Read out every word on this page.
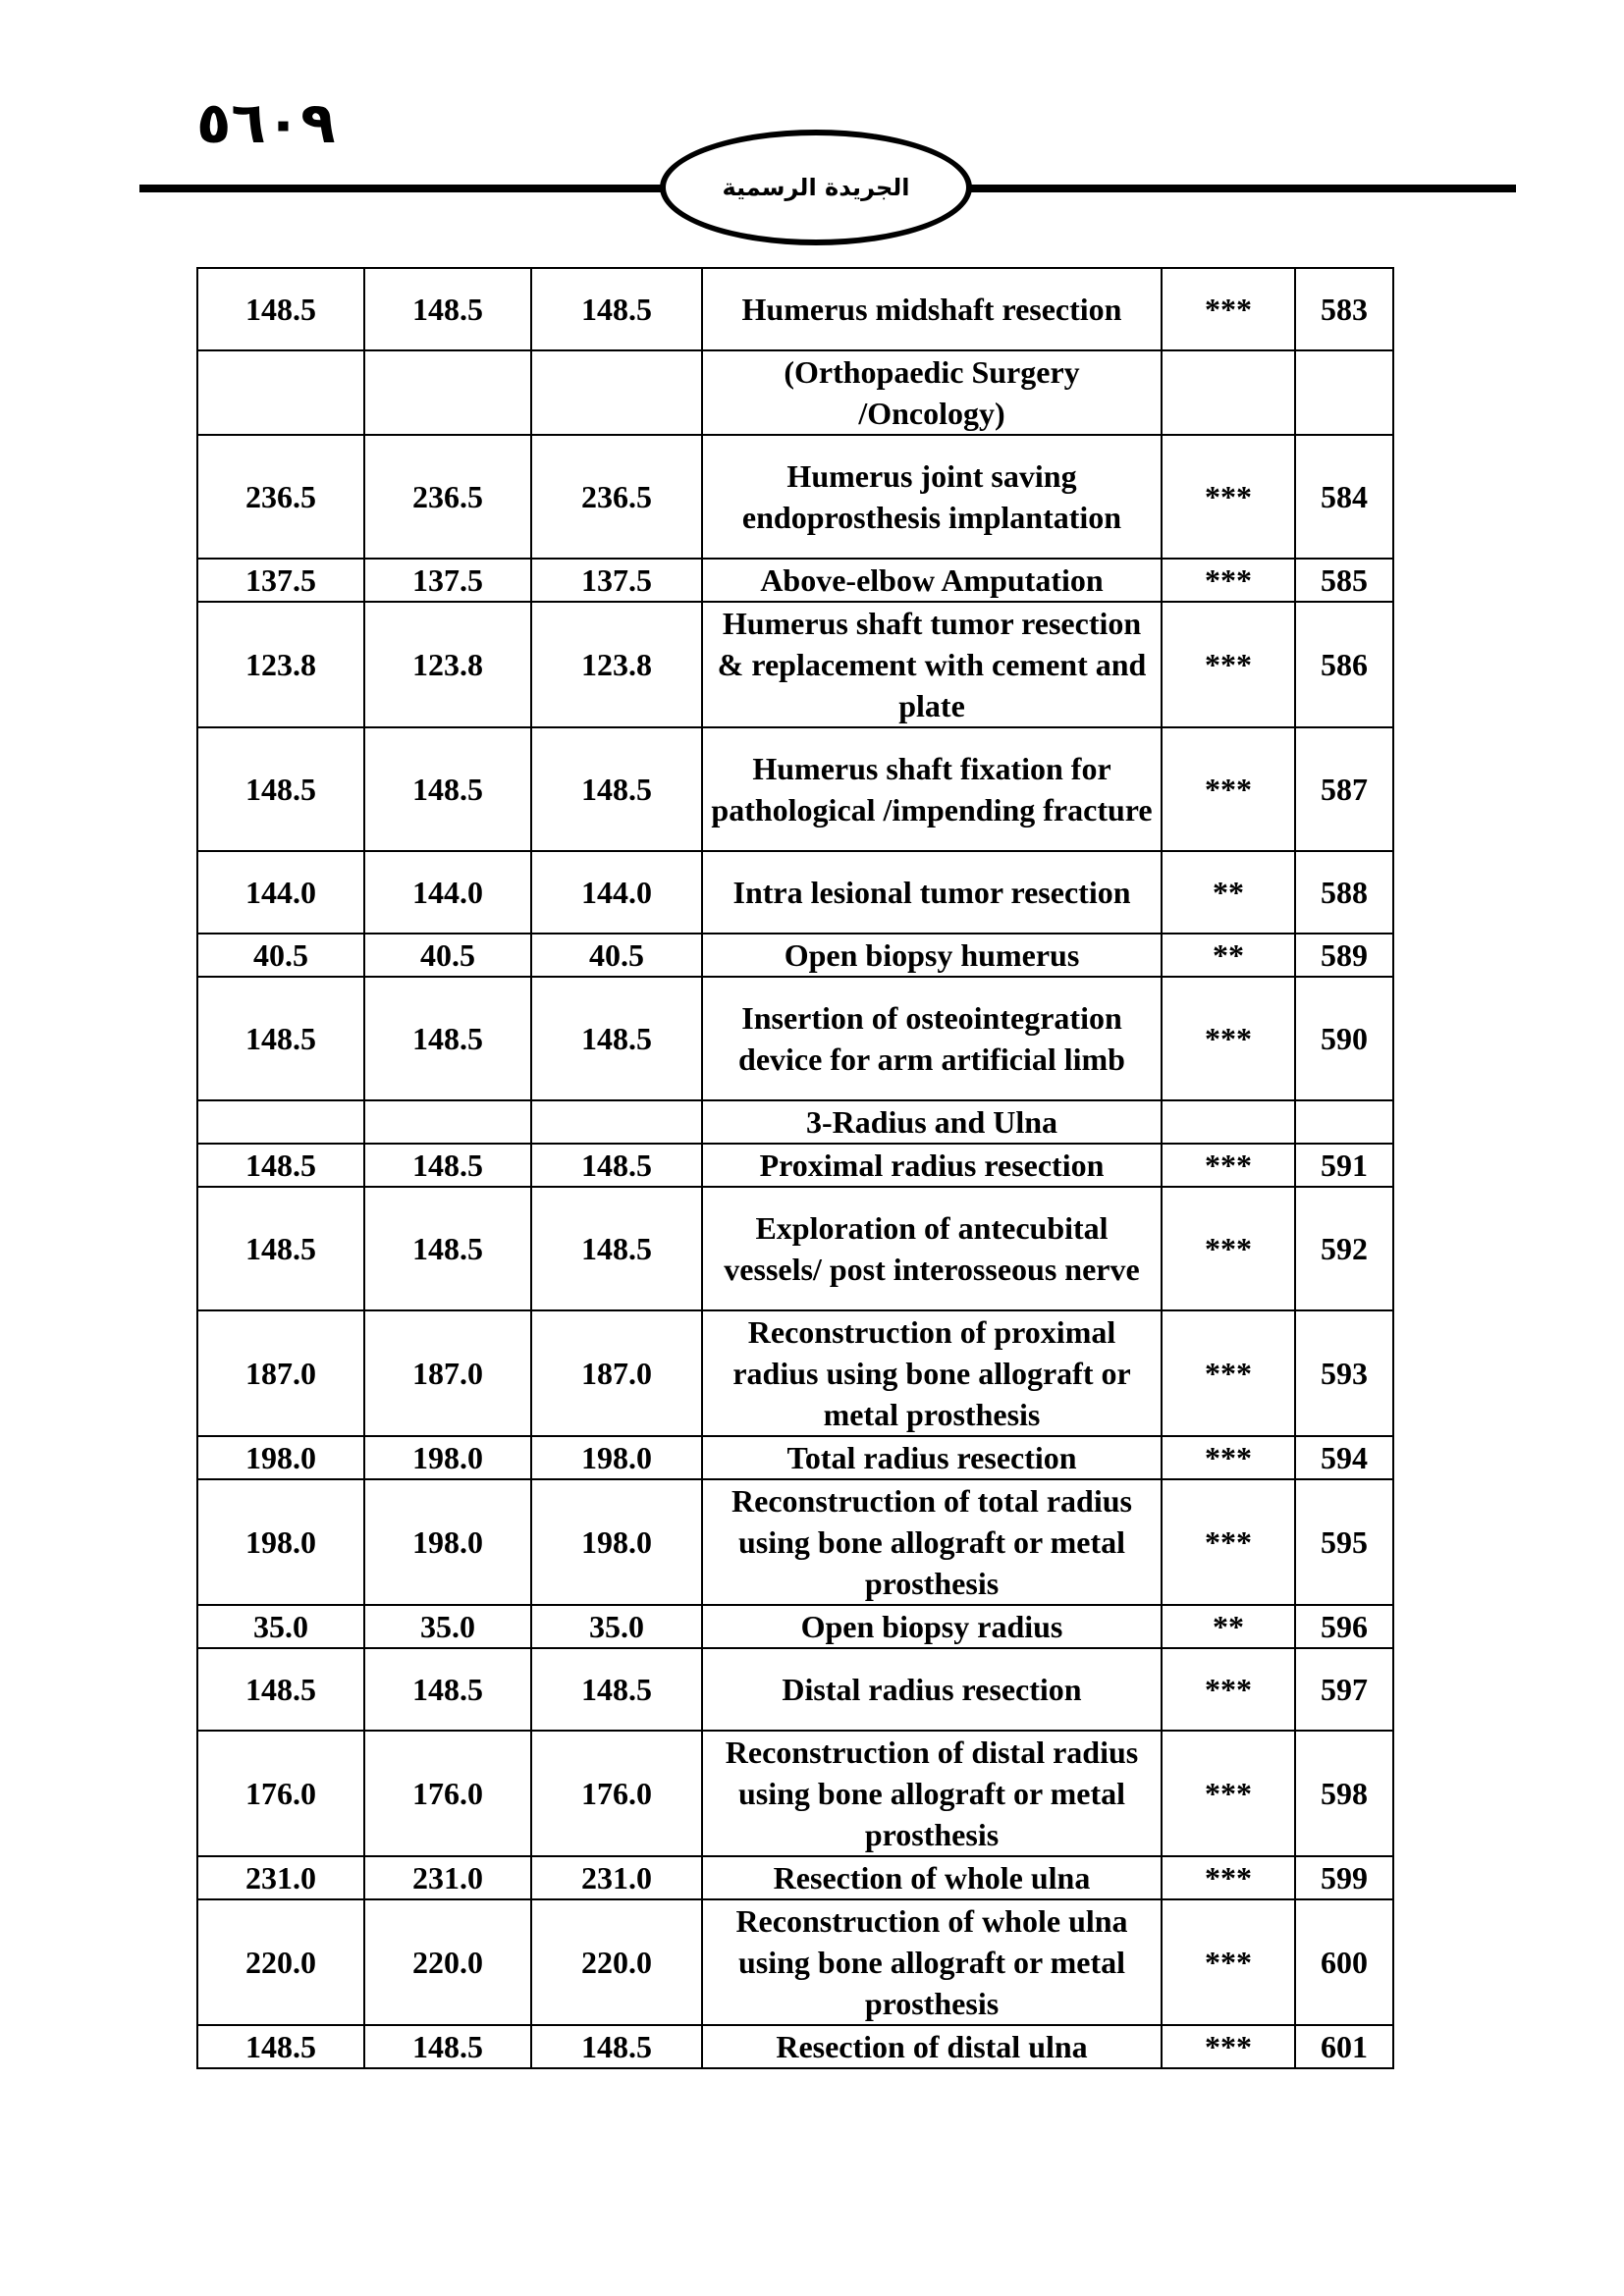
٥٦٠٩
الجريدة الرسمية
148.5	148.5	148.5	Humerus midshaft resection	***	583
			(Orthopaedic Surgery /Oncology)		
236.5	236.5	236.5	Humerus joint saving endoprosthesis implantation	***	584
137.5	137.5	137.5	Above-elbow Amputation	***	585
123.8	123.8	123.8	Humerus shaft tumor resection & replacement with cement and plate	***	586
148.5	148.5	148.5	Humerus shaft fixation for pathological /impending fracture	***	587
144.0	144.0	144.0	Intra lesional tumor resection	**	588
40.5	40.5	40.5	Open biopsy humerus	**	589
148.5	148.5	148.5	Insertion of osteointegration device for arm artificial limb	***	590
			3-Radius and Ulna		
148.5	148.5	148.5	Proximal radius resection	***	591
148.5	148.5	148.5	Exploration of antecubital vessels/ post interosseous nerve	***	592
187.0	187.0	187.0	Reconstruction of proximal radius using bone allograft or metal prosthesis	***	593
198.0	198.0	198.0	Total radius resection	***	594
198.0	198.0	198.0	Reconstruction of total radius using bone allograft or metal prosthesis	***	595
35.0	35.0	35.0	Open biopsy radius	**	596
148.5	148.5	148.5	Distal radius resection	***	597
176.0	176.0	176.0	Reconstruction of distal radius using bone allograft or metal prosthesis	***	598
231.0	231.0	231.0	Resection of whole ulna	***	599
220.0	220.0	220.0	Reconstruction of whole ulna using bone allograft or metal prosthesis	***	600
148.5	148.5	148.5	Resection of distal ulna	***	601
